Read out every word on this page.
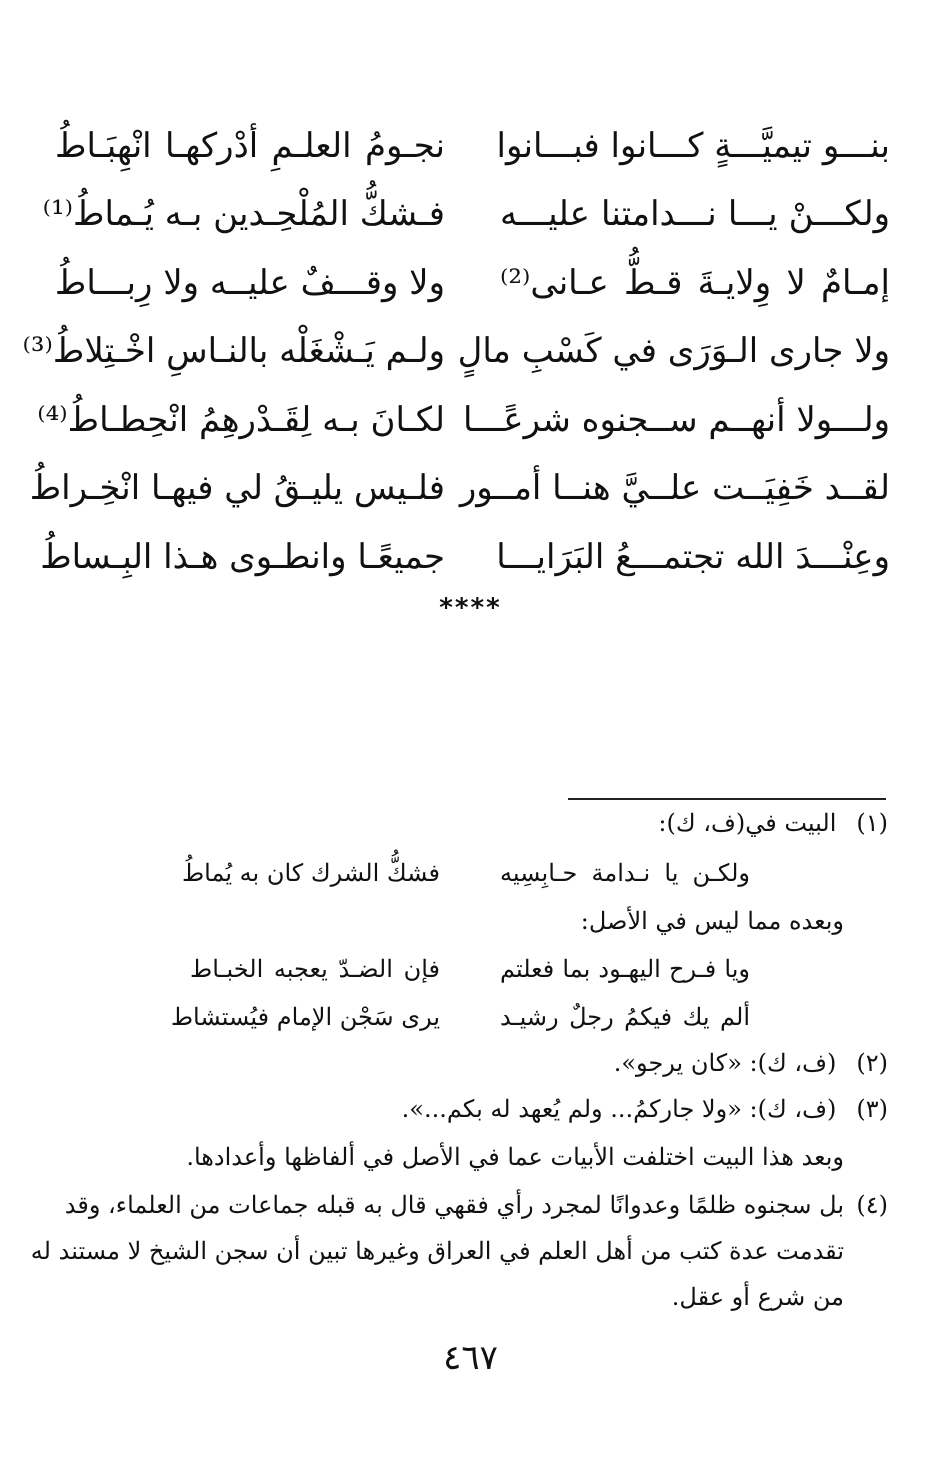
بنـــو تيميَّـــةٍ كـــانوا فبـــانوا
نجـومُ العلـمِ أدْركهـا انْهِبَـاطُ
ولكـــنْ يـــا نـــدامتنا عليـــه
فـشكُّ المُلْحِـدين بـه يُـماطُ⁽¹⁾
إمـامٌ لا وِلايـةَ قـطُّ عـانى⁽²⁾
ولا وقـــفٌ عليــه ولا رِبـــاطُ
ولا جارى الـوَرَى في كَسْبِ مالٍ
ولـم يَـشْغَلْه بالنـاسِ اخْـتِلاطُ⁽³⁾
ولـــولا أنهــم ســجنوه شرعًـــا
لكـانَ بـه لِقَـدْرهِمُ انْحِطـاطُ⁽⁴⁾
لقــد خَفِيَــت علــيَّ هنــا أمــور
فلـيس يليـقُ لي فيهـا انْخِـراطُ
وعِنْـــدَ الله تجتمـــعُ البَرَايـــا
جميعًـا وانطـوى هـذا البِـساطُ
****
(١) البيت في(ف، ك):
ولكـن يا نـدامة حـابِسِيه
فشكُّ الشرك كان به يُماطُ
وبعده مما ليس في الأصل:
ويا فـرح اليهـود بما فعلتم
فإن الضـدّ يعجبه الخبـاط
ألم يك فيكمُ رجلٌ رشيـد
يرى سَجْن الإمام فيُستشاط
(٢) (ف، ك): «كان يرجو».
(٣) (ف، ك): «ولا جاركمُ... ولم يُعهد له بكم...».
وبعد هذا البيت اختلفت الأبيات عما في الأصل في ألفاظها وأعدادها.
(٤)
بل سجنوه ظلمًا وعدوانًا لمجرد رأي فقهي قال به قبله جماعات من العلماء، وقد
تقدمت عدة كتب من أهل العلم في العراق وغيرها تبين أن سجن الشيخ لا مستند له
من شرع أو عقل.
٤٦٧
